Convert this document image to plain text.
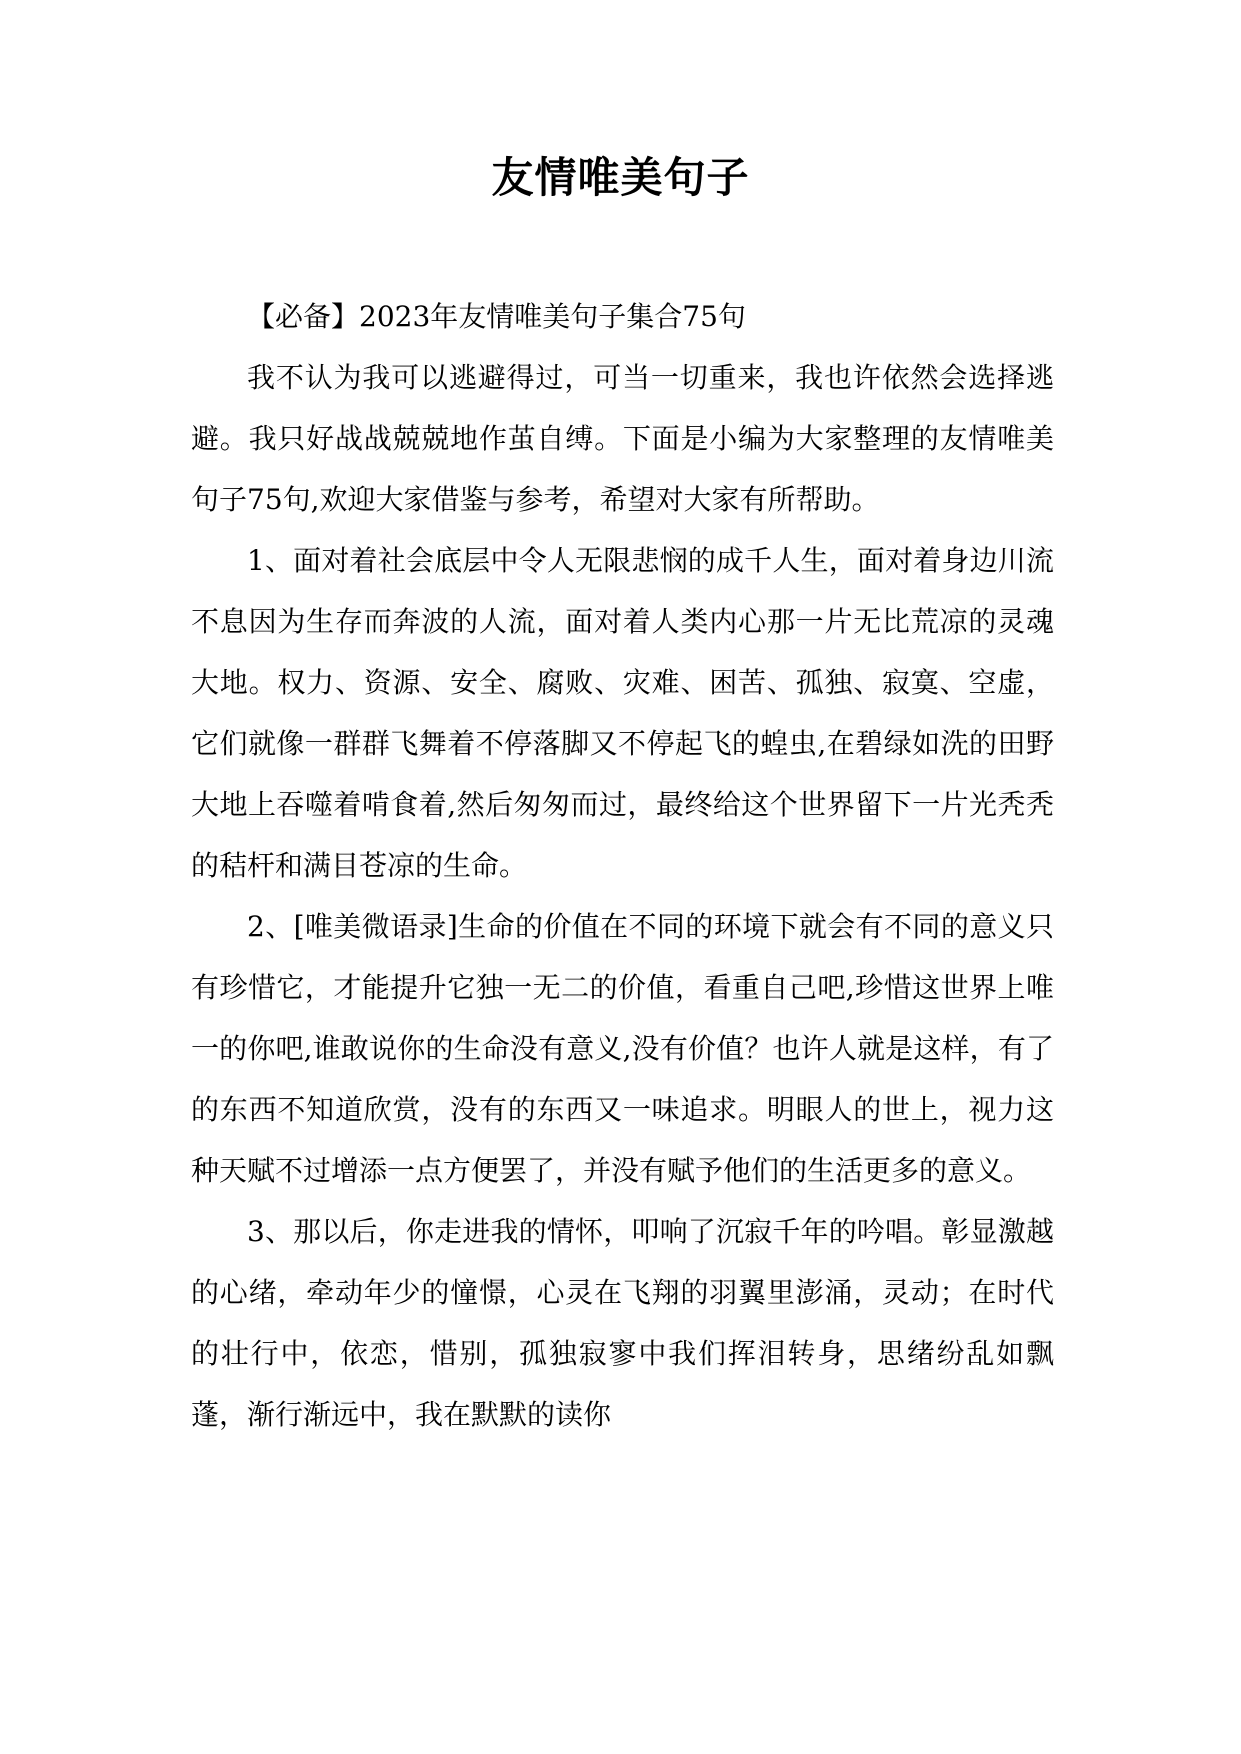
友情唯美句子

【必备】2023年友情唯美句子集合75句

我不认为我可以逃避得过，可当一切重来，我也许依然会选择逃避。我只好战战兢兢地作茧自缚。下面是小编为大家整理的友情唯美句子75句,欢迎大家借鉴与参考，希望对大家有所帮助。

1、面对着社会底层中令人无限悲悯的成千人生，面对着身边川流不息因为生存而奔波的人流，面对着人类内心那一片无比荒凉的灵魂大地。权力、资源、安全、腐败、灾难、困苦、孤独、寂寞、空虚，它们就像一群群飞舞着不停落脚又不停起飞的蝗虫,在碧绿如洗的田野大地上吞噬着啃食着,然后匆匆而过，最终给这个世界留下一片光秃秃的秸杆和满目苍凉的生命。

2、[唯美微语录]生命的价值在不同的环境下就会有不同的意义只有珍惜它，才能提升它独一无二的价值，看重自己吧,珍惜这世界上唯一的你吧,谁敢说你的生命没有意义,没有价值？也许人就是这样，有了的东西不知道欣赏，没有的东西又一味追求。明眼人的世上，视力这种天赋不过增添一点方便罢了，并没有赋予他们的生活更多的意义。

3、那以后，你走进我的情怀，叩响了沉寂千年的吟唱。彰显激越的心绪，牵动年少的憧憬，心灵在飞翔的羽翼里澎涌，灵动；在时代的壮行中，依恋，惜别，孤独寂寥中我们挥泪转身，思绪纷乱如飘蓬，渐行渐远中，我在默默的读你
